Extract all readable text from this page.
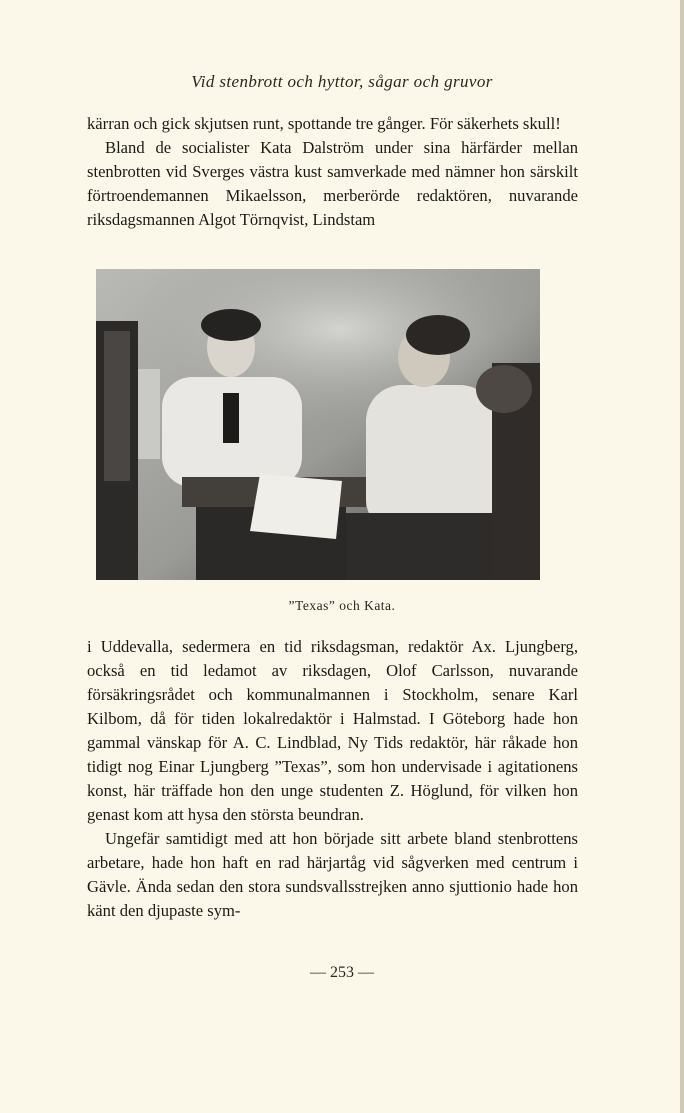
Vid stenbrott och hyttor, sågar och gruvor

kärran och gick skjutsen runt, spottande tre gånger. För säkerhets skull!

Bland de socialister Kata Dalström under sina härfärder mellan stenbrotten vid Sverges västra kust samverkade med nämner hon särskilt förtroendemannen Mikaelsson, merberörde redaktören, nuvarande riksdagsmannen Algot Törnqvist, Lindstam

”Texas” och Kata.

i Uddevalla, sedermera en tid riksdagsman, redaktör Ax. Ljungberg, också en tid ledamot av riksdagen, Olof Carlsson, nuvarande försäkringsrådet och kommunalmannen i Stockholm, senare Karl Kilbom, då för tiden lokalredaktör i Halmstad. I Göteborg hade hon gammal vänskap för A. C. Lindblad, Ny Tids redaktör, här råkade hon tidigt nog Einar Ljungberg ”Texas”, som hon undervisade i agitationens konst, här träffade hon den unge studenten Z. Höglund, för vilken hon genast kom att hysa den största beundran.

Ungefär samtidigt med att hon började sitt arbete bland stenbrottens arbetare, hade hon haft en rad härjartåg vid sågverken med centrum i Gävle. Ända sedan den stora sundsvallsstrejken anno sjuttionio hade hon känt den djupaste sym-

— 253 —
